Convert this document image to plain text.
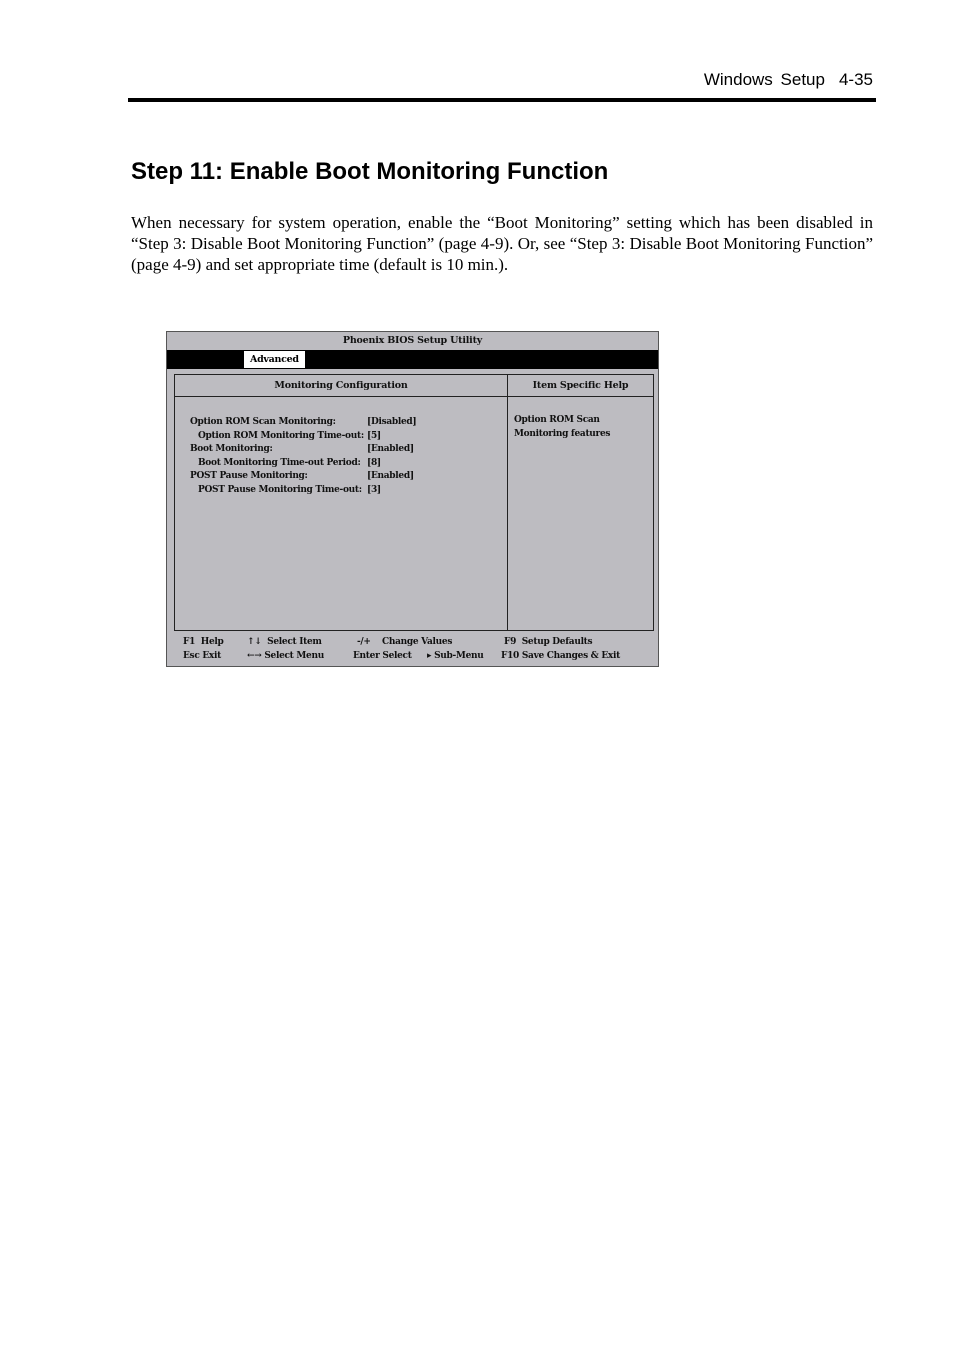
Windows Setup 4-35
Step 11: Enable Boot Monitoring Function

When necessary for system operation, enable the “Boot Monitoring” setting which has been disabled in “Step 3: Disable Boot Monitoring Function” (page 4-9). Or, see “Step 3: Disable Boot Monitoring Function” (page 4-9) and set appropriate time (default is 10 min.).

Phoenix BIOS Setup Utility
Advanced
Monitoring Configuration
Option ROM Scan Monitoring:	[Disabled]
Option ROM Monitoring Time-out: [5]
Boot Monitoring:	[Enabled]
Boot Monitoring Time-out Period: [8]
POST Pause Monitoring:	[Enabled]
POST Pause Monitoring Time-out: [3]
Item Specific Help
Option ROM Scan
Monitoring features
F1 Help	↑↓ Select Item	-/+ Change Values	F9 Setup Defaults
Esc Exit	←→ Select Menu	Enter Select ▸ Sub-Menu F10 Save Changes & Exit
